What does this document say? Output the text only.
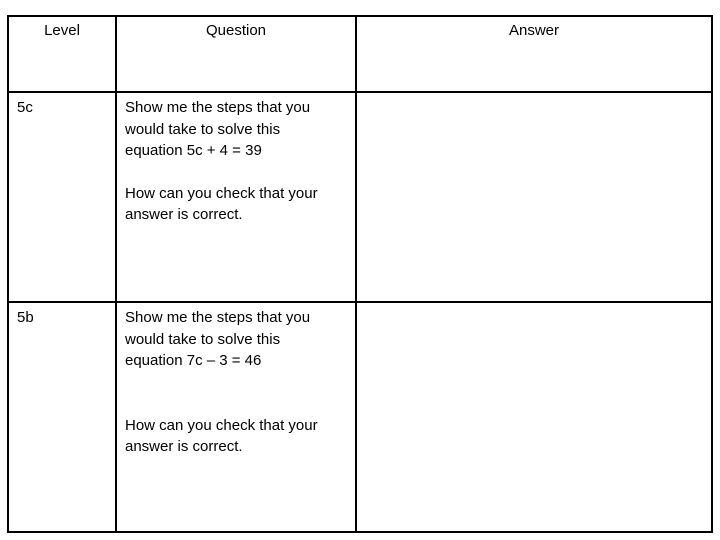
Level	Question	Answer

5c	Show me the steps that you
would take to solve this
equation 5c + 4 = 39
How can you check that your
answer is correct.	

5b	Show me the steps that you
would take to solve this
equation 7c – 3 = 46
How can you check that your
answer is correct.	
